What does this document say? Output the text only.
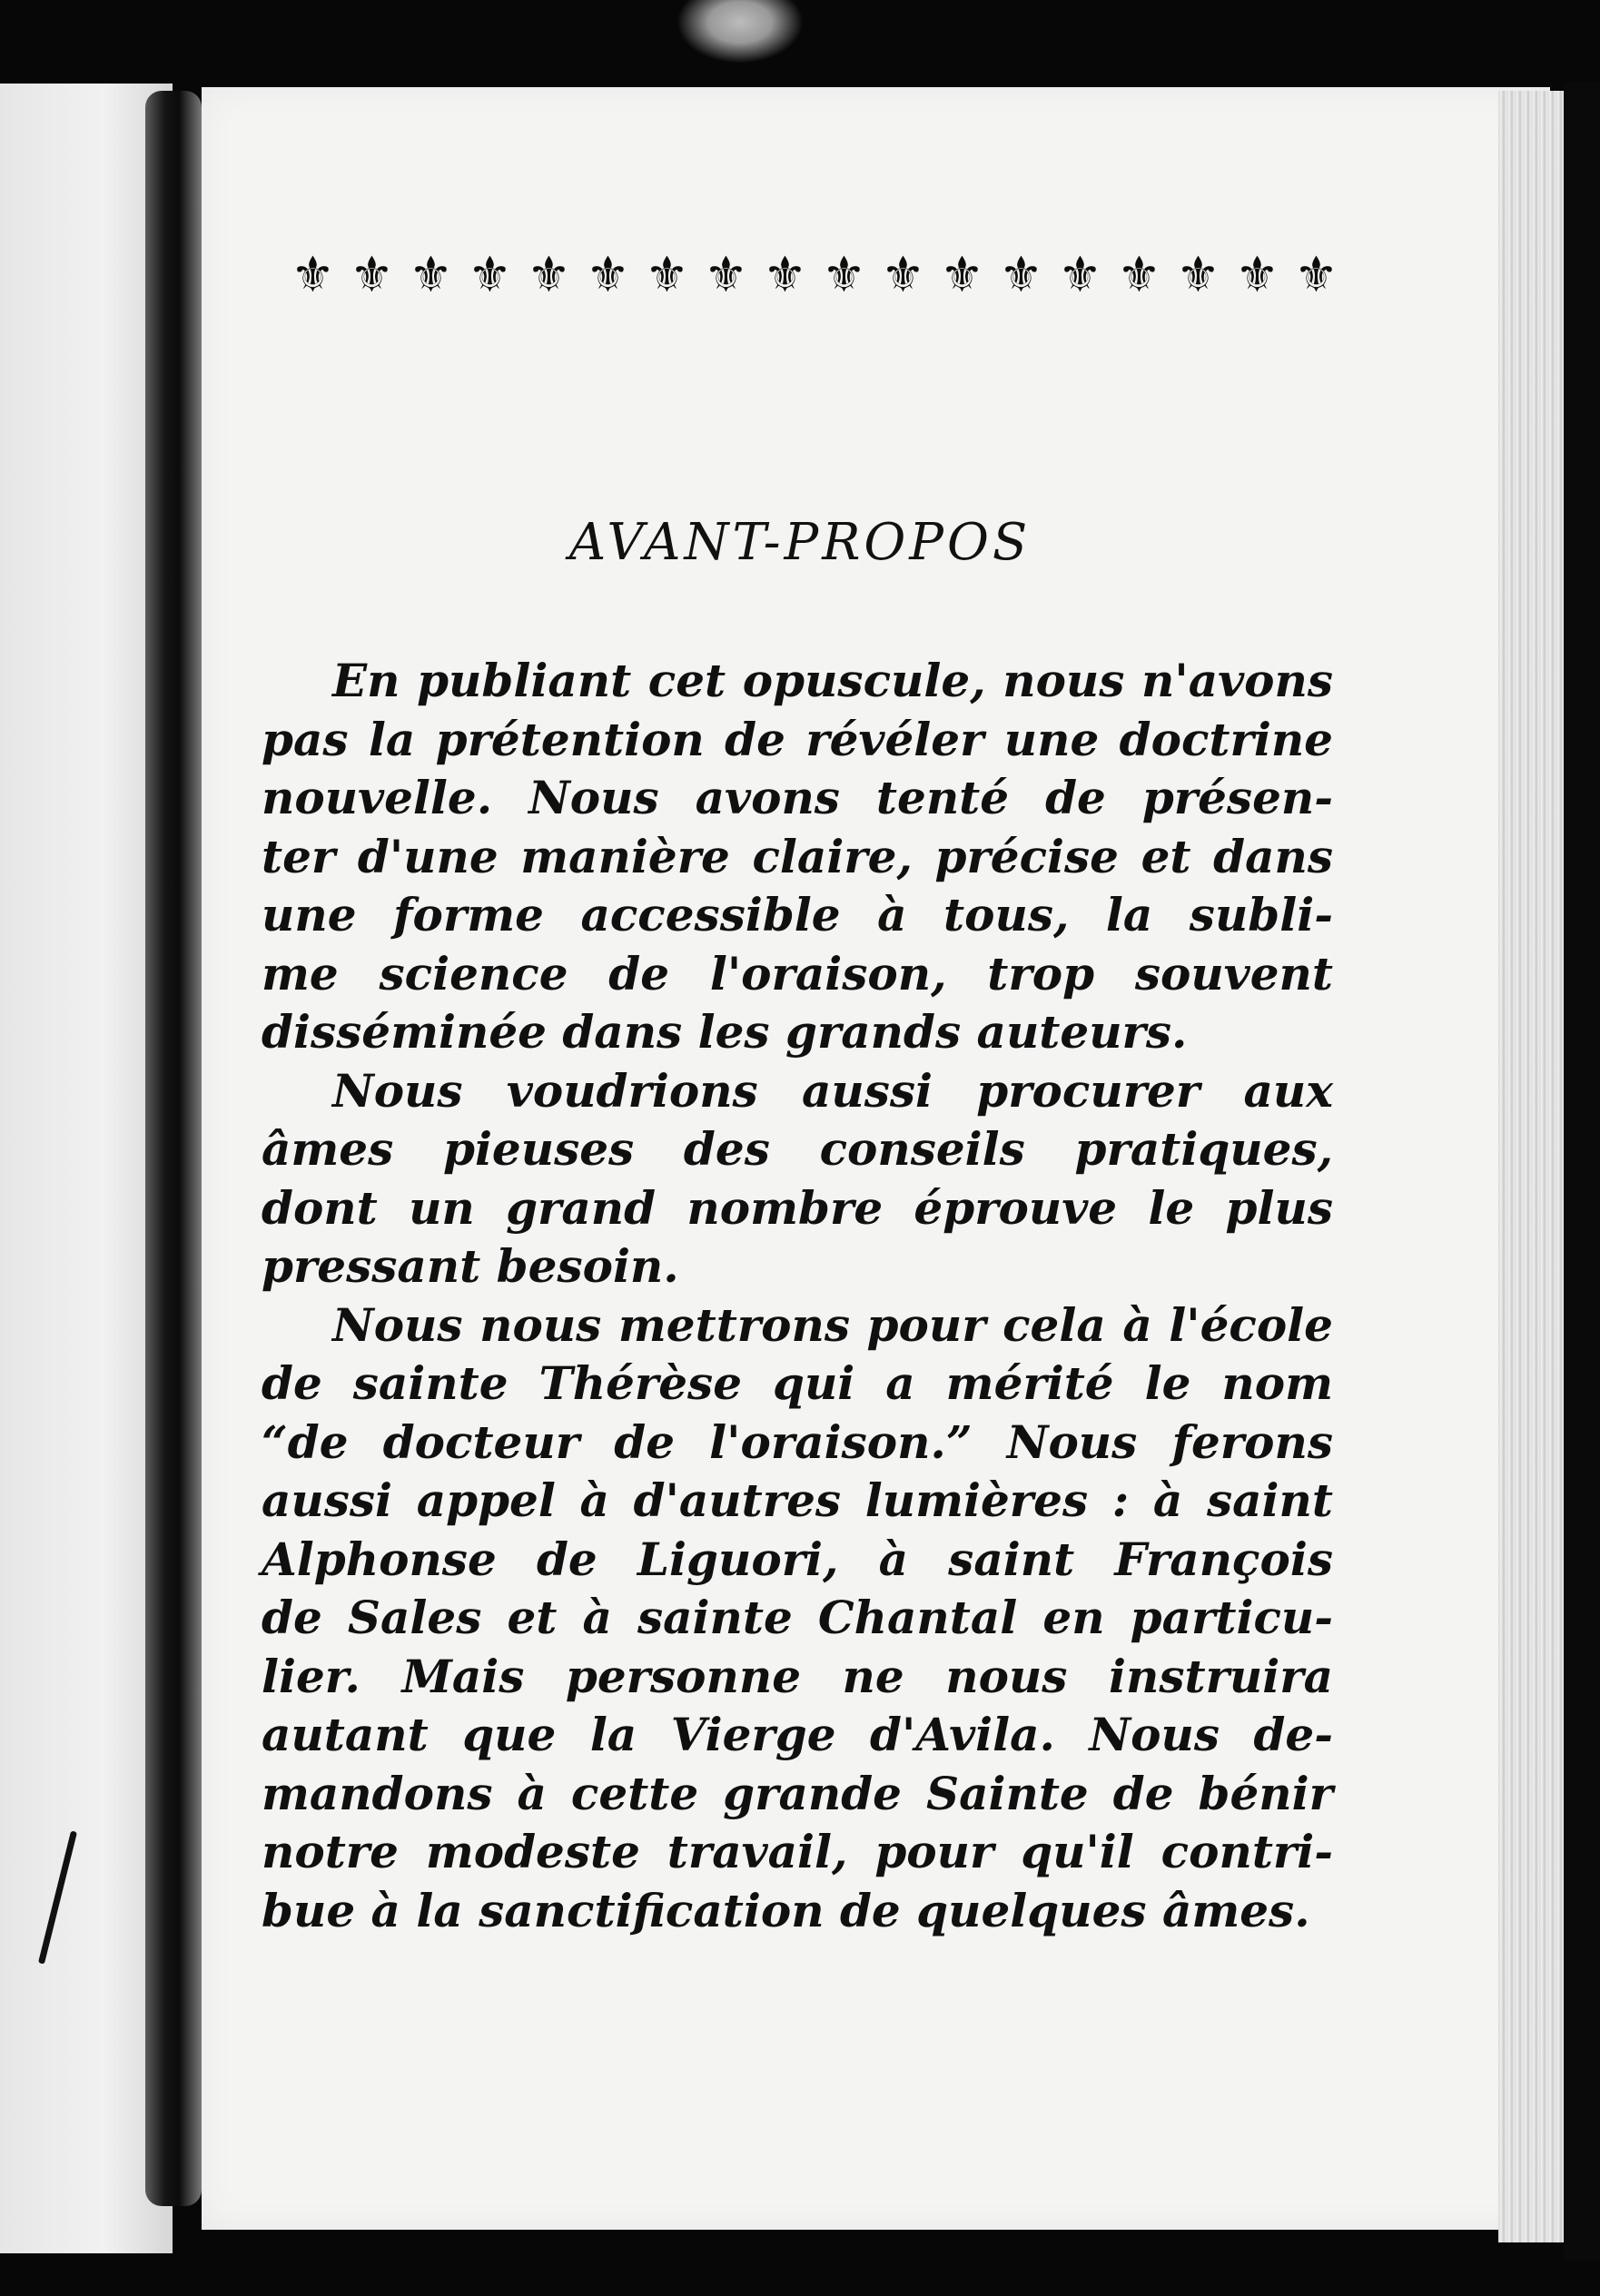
⚜ ⚜ ⚜ ⚜ ⚜ ⚜ ⚜ ⚜ ⚜ ⚜ ⚜ ⚜ ⚜ ⚜ ⚜ ⚜ ⚜ ⚜
AVANT-PROPOS
En publiant cet opuscule, nous n'avons
pas la prétention de révéler une doctrine
nouvelle. Nous avons tenté de présen-
ter d'une manière claire, précise et dans
une forme accessible à tous, la subli-
me science de l'oraison, trop souvent
disséminée dans les grands auteurs.
Nous voudrions aussi procurer aux
âmes pieuses des conseils pratiques,
dont un grand nombre éprouve le plus
pressant besoin.
Nous nous mettrons pour cela à l'école
de sainte Thérèse qui a mérité le nom
“de docteur de l'oraison.” Nous ferons
aussi appel à d'autres lumières : à saint
Alphonse de Liguori, à saint François
de Sales et à sainte Chantal en particu-
lier. Mais personne ne nous instruira
autant que la Vierge d'Avila. Nous de-
mandons à cette grande Sainte de bénir
notre modeste travail, pour qu'il contri-
bue à la sanctification de quelques âmes.
